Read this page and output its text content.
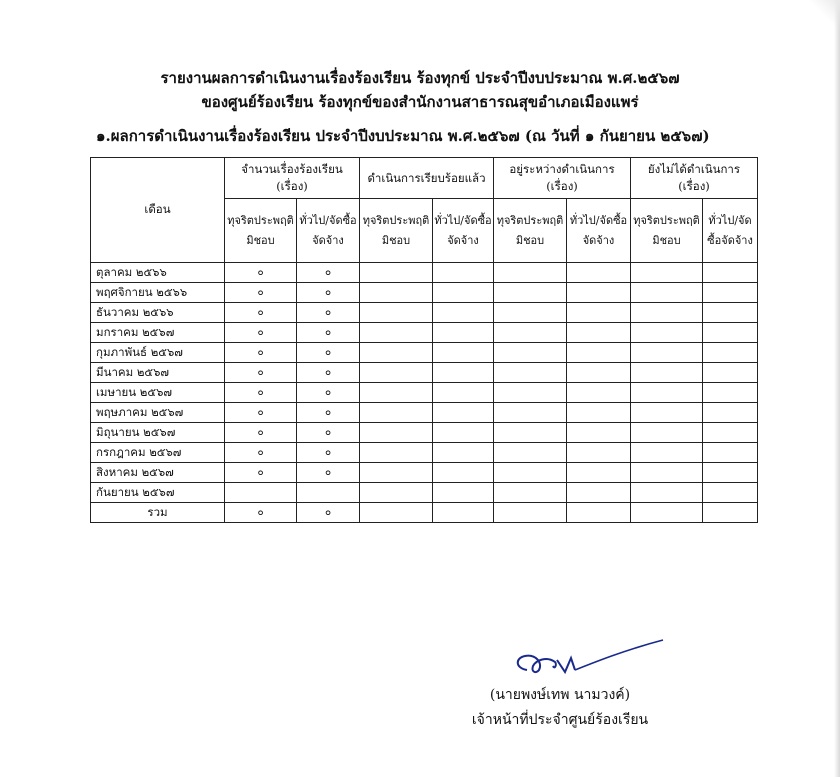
รายงานผลการดำเนินงานเรื่องร้องเรียน ร้องทุกข์ ประจำปีงบประมาณ พ.ศ.๒๕๖๗
ของศูนย์ร้องเรียน ร้องทุกข์ของสำนักงานสาธารณสุขอำเภอเมืองแพร่
๑.ผลการดำเนินงานเรื่องร้องเรียน ประจำปีงบประมาณ พ.ศ.๒๕๖๗ (ณ วันที่ ๑ กันยายน ๒๕๖๗)
เดือน	จำนวนเรื่องร้องเรียน (เรื่อง)		ดำเนินการเรียบร้อยแล้ว		อยู่ระหว่างดำเนินการ (เรื่อง)		ยังไม่ได้ดำเนินการ (เรื่อง)	
	ทุจริตประพฤติมิชอบ	ทั่วไป/จัดซื้อจัดจ้าง	ทุจริตประพฤติมิชอบ	ทั่วไป/จัดซื้อจัดจ้าง	ทุจริตประพฤติมิชอบ	ทั่วไป/จัดซื้อจัดจ้าง	ทุจริตประพฤติมิชอบ	ทั่วไป/จัดซื้อจัดจ้าง
ตุลาคม ๒๕๖๖	๐	๐						
พฤศจิกายน ๒๕๖๖	๐	๐						
ธันวาคม ๒๕๖๖	๐	๐						
มกราคม ๒๕๖๗	๐	๐						
กุมภาพันธ์ ๒๕๖๗	๐	๐						
มีนาคม ๒๕๖๗	๐	๐						
เมษายน ๒๕๖๗	๐	๐						
พฤษภาคม ๒๕๖๗	๐	๐						
มิถุนายน ๒๕๖๗	๐	๐						
กรกฎาคม ๒๕๖๗	๐	๐						
สิงหาคม ๒๕๖๗	๐	๐						
กันยายน ๒๕๖๗								
รวม	๐	๐						
(นายพงษ์เทพ นามวงค์)
เจ้าหน้าที่ประจำศูนย์ร้องเรียน
